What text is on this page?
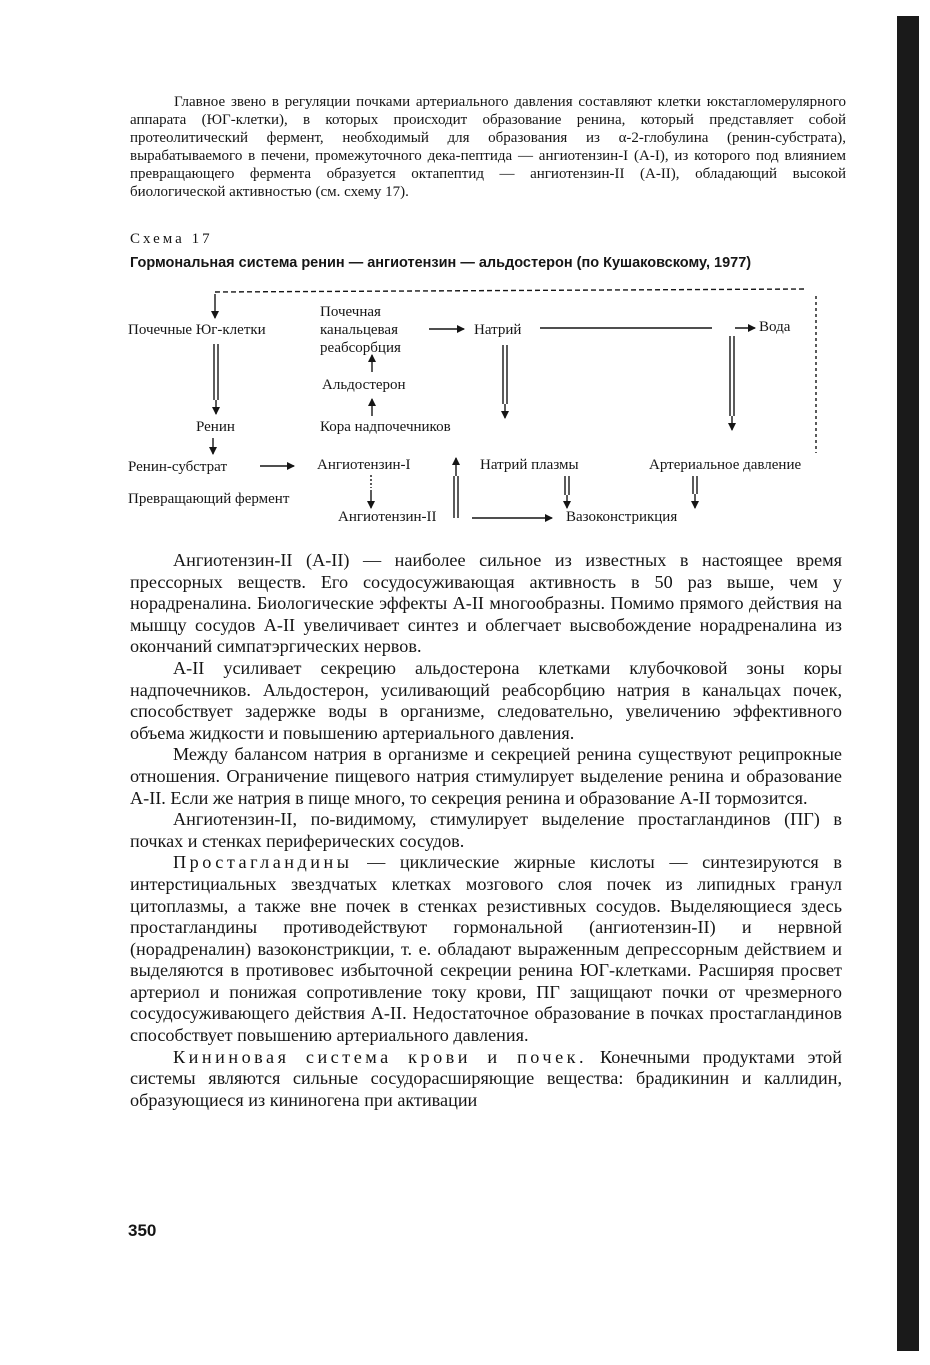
Главное звено в регуляции почками артериального давления составляют клетки юкстагломерулярного аппарата (ЮГ-клетки), в которых происходит образование ренина, который представляет собой протеолитический фермент, необходимый для образования из α-2-глобулина (ренин-субстрата), вырабатываемого в печени, промежуточного дека-пептида — ангиотензин-I (A-I), из которого под влиянием превращающего фермента образуется октапептид — ангиотензин-II (A-II), обладающий высокой биологической активностью (см. схему 17).
Схема 17
Гормональная система ренин — ангиотензин — альдостерон (по Кушаковскому, 1977)
Почечные Юг-клетки
Почечная
канальцевая
реабсорбция
Натрий	Вода
Альдостерон
Ренин	Кора надпочечников
Ренин-субстрат	Ангиотензин-I	Натрий плазмы	Артериальное давление
Превращающий фермент
Ангиотензин-II	Вазоконстрикция

Ангиотензин-II (A-II) — наиболее сильное из известных в настоящее время прессорных веществ. Его сосудосуживающая активность в 50 раз выше, чем у норадреналина. Биологические эффекты A-II многообразны. Помимо прямого действия на мышцу сосудов A-II увеличивает синтез и облегчает высвобождение норадреналина из окончаний симпатэргических нервов.

A-II усиливает секрецию альдостерона клетками клубочковой зоны коры надпочечников. Альдостерон, усиливающий реабсорбцию натрия в канальцах почек, способствует задержке воды в организме, следовательно, увеличению эффективного объема жидкости и повышению артериального давления.

Между балансом натрия в организме и секрецией ренина существуют реципрокные отношения. Ограничение пищевого натрия стимулирует выделение ренина и образование A-II. Если же натрия в пище много, то секреция ренина и образование A-II тормозится.

Ангиотензин-II, по-видимому, стимулирует выделение простагландинов (ПГ) в почках и стенках периферических сосудов.

Простагландины — циклические жирные кислоты — синтезируются в интерстициальных звездчатых клетках мозгового слоя почек из липидных гранул цитоплазмы, а также вне почек в стенках резистивных сосудов. Выделяющиеся здесь простагландины противодействуют гормональной (ангиотензин-II) и нервной (норадреналин) вазоконстрикции, т. е. обладают выраженным депрессорным действием и выделяются в противовес избыточной секреции ренина ЮГ-клетками. Расширяя просвет артериол и понижая сопротивление току крови, ПГ защищают почки от чрезмерного сосудосуживающего действия A-II. Недостаточное образование в почках простагландинов способствует повышению артериального давления.

Кининовая система крови и почек. Конечными продуктами этой системы являются сильные сосудорасширяющие вещества: брадикинин и каллидин, образующиеся из кининогена при активации

350
